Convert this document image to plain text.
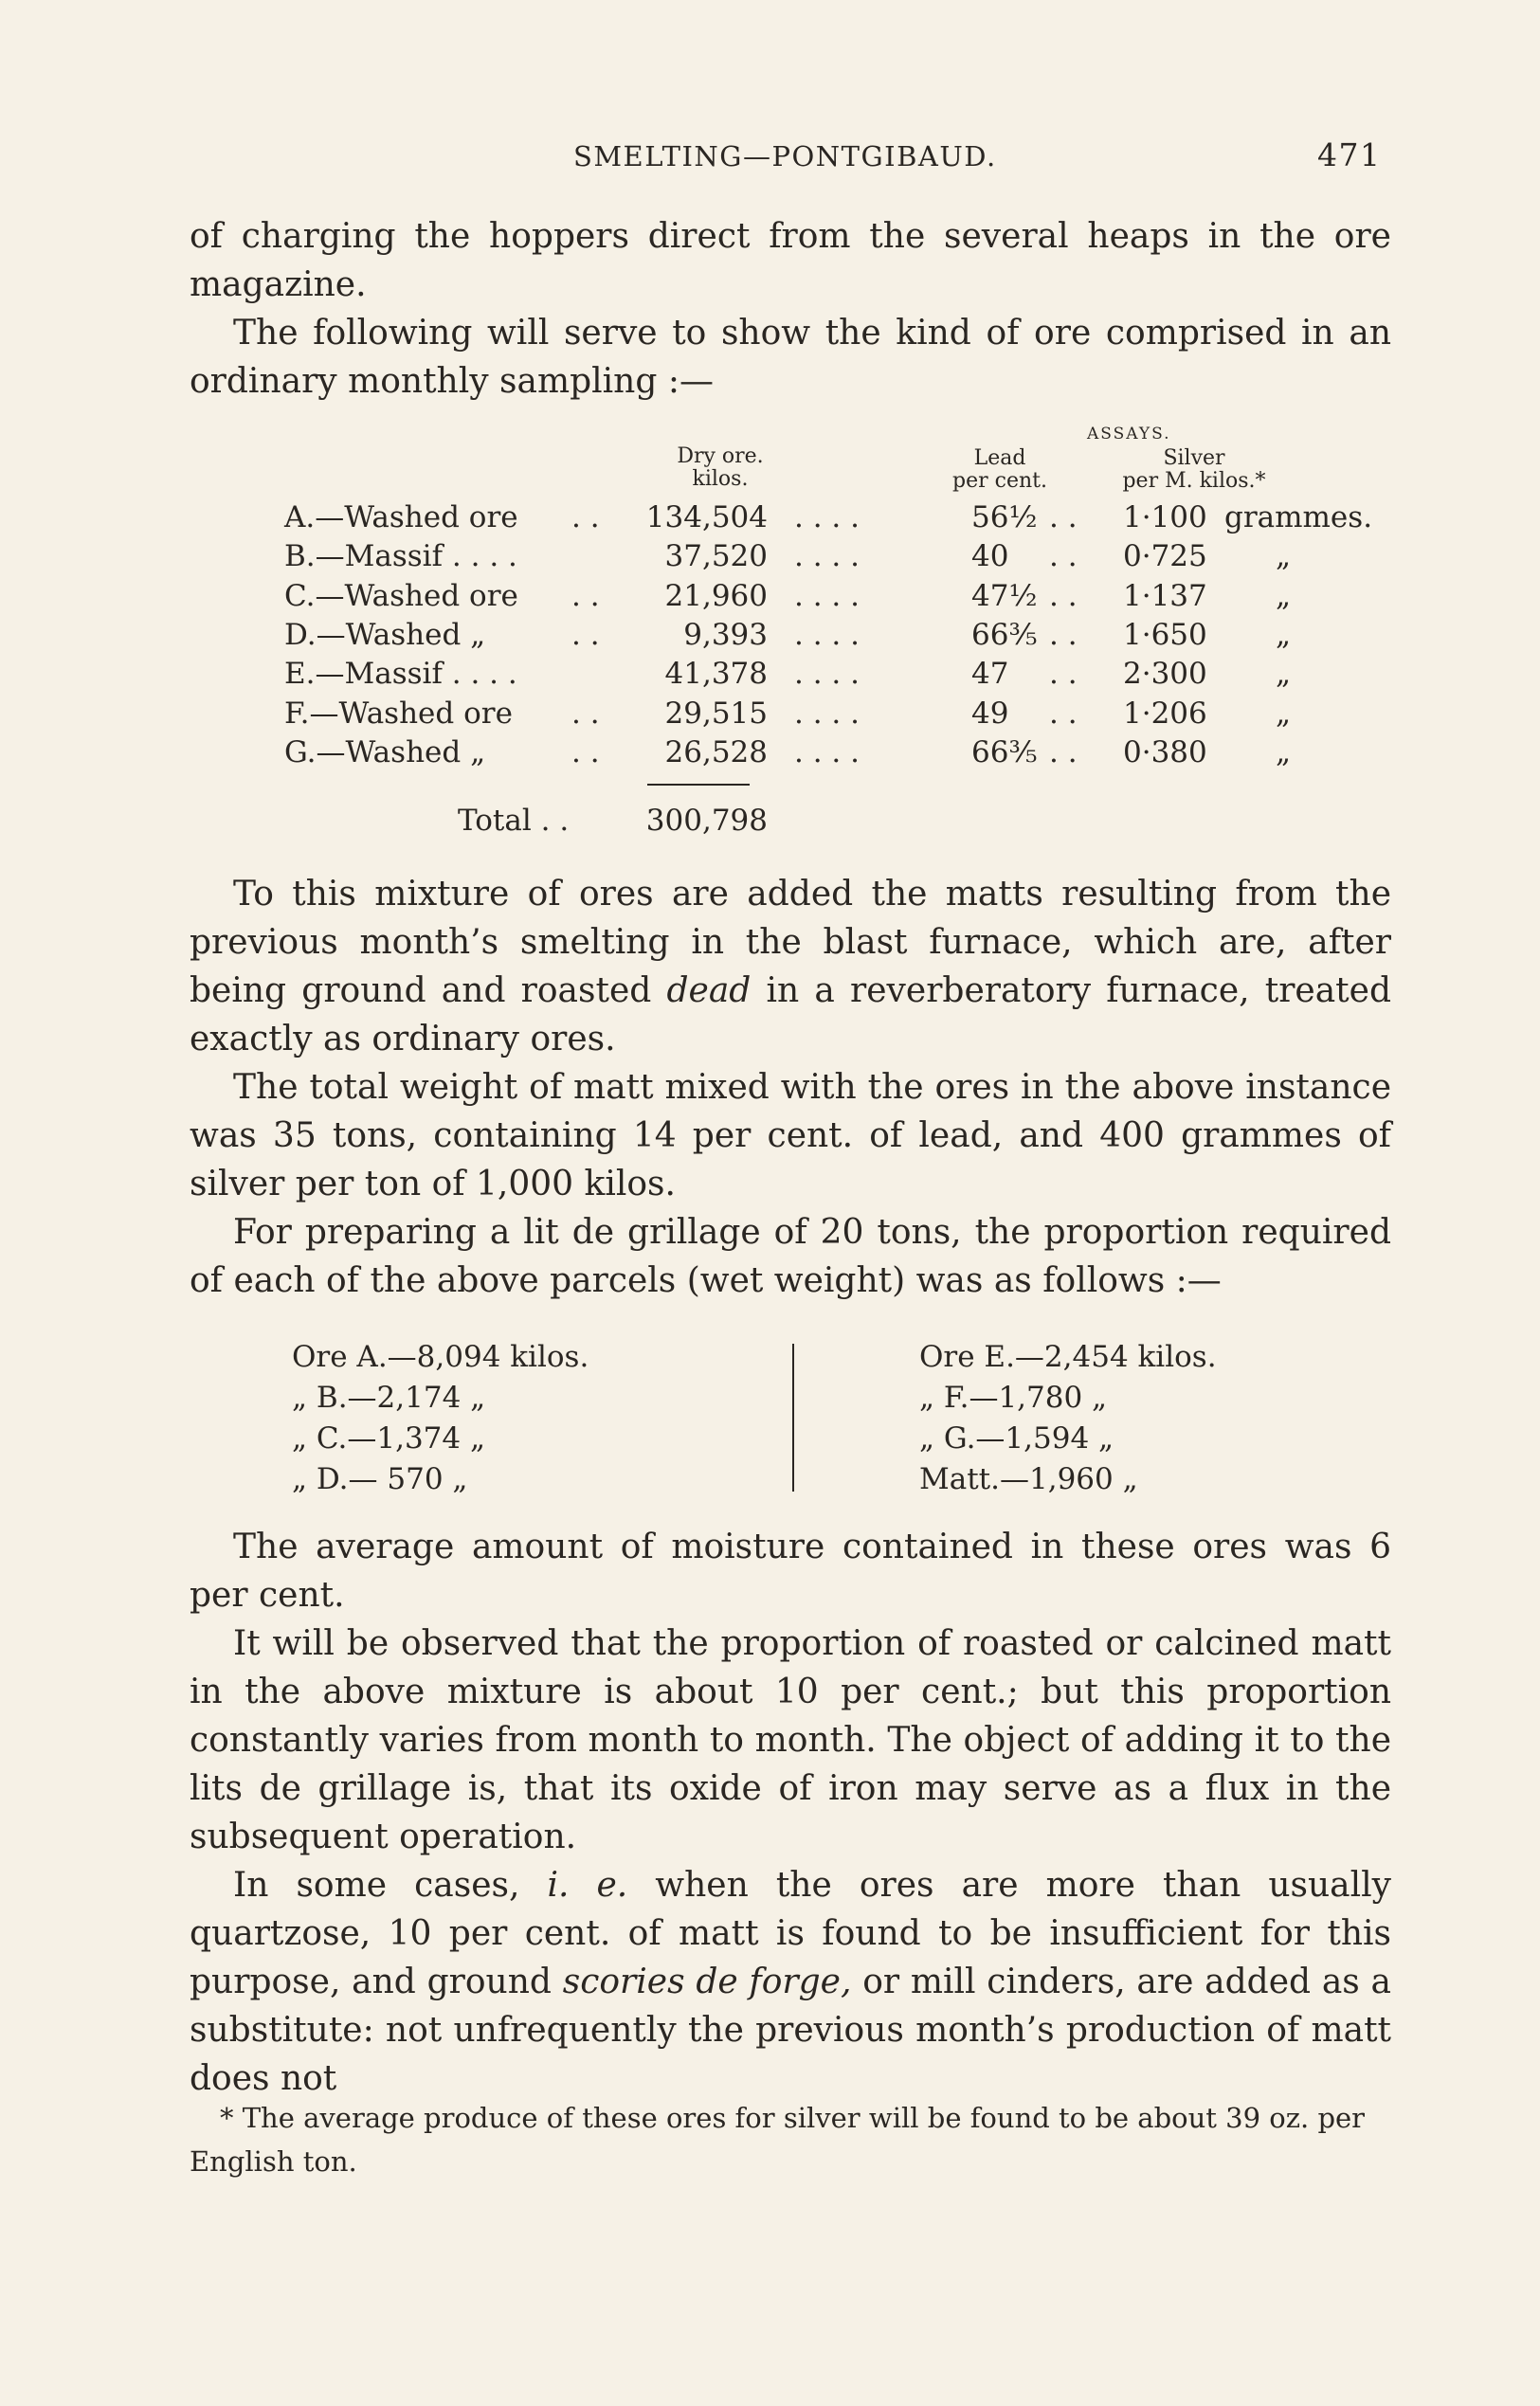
SMELTING—PONTGIBAUD.	471

of charging the hoppers direct from the several heaps in the ore magazine.

The following will serve to show the kind of ore comprised in an ordinary monthly sampling :—

ASSAYS.
Dry ore.
kilos.
Lead
per cent.
Silver
per M. kilos.*
A.—Washed ore . .	134,504 . . . .	56½ . . 1·100 grammes.
B.—Massif . . . .	37,520 . . . .	40 . . 0·725 „
C.—Washed ore . .	21,960 . . . .	47½ . . 1·137 „
D.—Washed „	. .	9,393 . . . .	66⅗ . . 1·650 „
E.—Massif . . . .	41,378 . . . .	47 . . 2·300 „
F.—Washed ore . .	29,515 . . . .	49 . . 1·206 „
G.—Washed „	. .	26,528 . . . .	66⅗ . . 0·380 „
Total . .	300,798

To this mixture of ores are added the matts resulting from the previous month’s smelting in the blast furnace, which are, after being ground and roasted dead in a reverberatory furnace, treated exactly as ordinary ores.

The total weight of matt mixed with the ores in the above instance was 35 tons, containing 14 per cent. of lead, and 400 grammes of silver per ton of 1,000 kilos.

For preparing a lit de grillage of 20 tons, the proportion required of each of the above parcels (wet weight) was as follows :—

Ore A.—8,094 kilos.
„ B.—2,174 „
„ C.—1,374 „
„ D.— 570 „
Ore E.—2,454 kilos.
„ F.—1,780 „
„ G.—1,594 „
Matt.—1,960 „

The average amount of moisture contained in these ores was 6 per cent.

It will be observed that the proportion of roasted or calcined matt in the above mixture is about 10 per cent.; but this proportion constantly varies from month to month. The object of adding it to the lits de grillage is, that its oxide of iron may serve as a flux in the subsequent operation.

In some cases, i. e. when the ores are more than usually quartzose, 10 per cent. of matt is found to be insufficient for this purpose, and ground scories de forge, or mill cinders, are added as a substitute: not unfrequently the previous month’s production of matt does not

* The average produce of these ores for silver will be found to be about 39 oz. per English ton.
